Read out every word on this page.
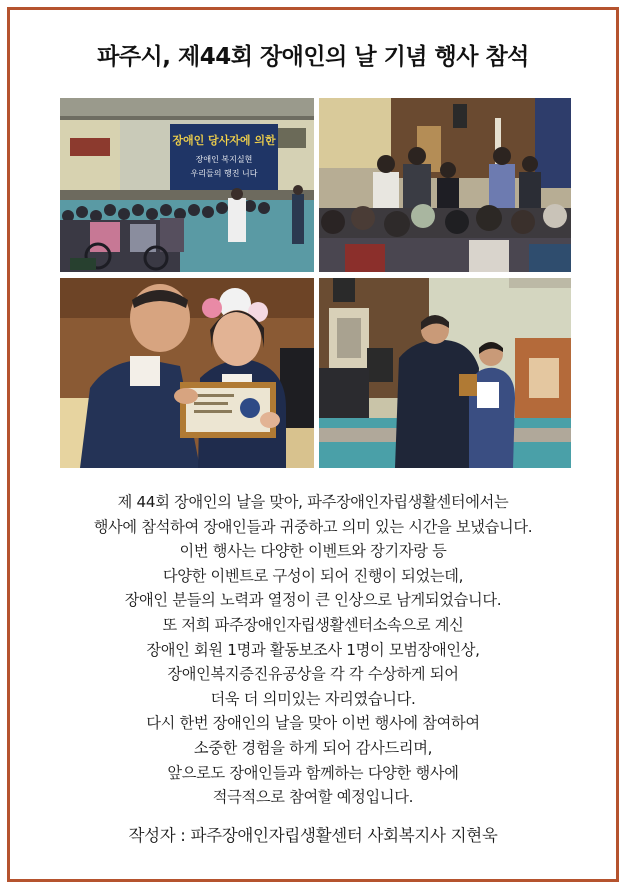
파주시, 제44회 장애인의 날 기념 행사 참석
장애인 당사자에 의한
장애인 복지실현
우리들의 행진 니다
제 44회 장애인의 날을 맞아, 파주장애인자립생활센터에서는
행사에 참석하여 장애인들과 귀중하고 의미 있는 시간을 보냈습니다.
이번 행사는 다양한 이벤트와 장기자랑 등
다양한 이벤트로 구성이 되어 진행이 되었는데,
장애인 분들의 노력과 열정이 큰 인상으로 남게되었습니다.
또 저희 파주장애인자립생활센터소속으로 계신
장애인 회원 1명과 활동보조사 1명이 모범장애인상,
장애인복지증진유공상을 각 각 수상하게 되어
더욱 더 의미있는 자리였습니다.
다시 한번 장애인의 날을 맞아 이번 행사에 참여하여
소중한 경험을 하게 되어 감사드리며,
앞으로도 장애인들과 함께하는 다양한 행사에
적극적으로 참여할 예정입니다.
작성자 : 파주장애인자립생활센터 사회복지사 지현욱
